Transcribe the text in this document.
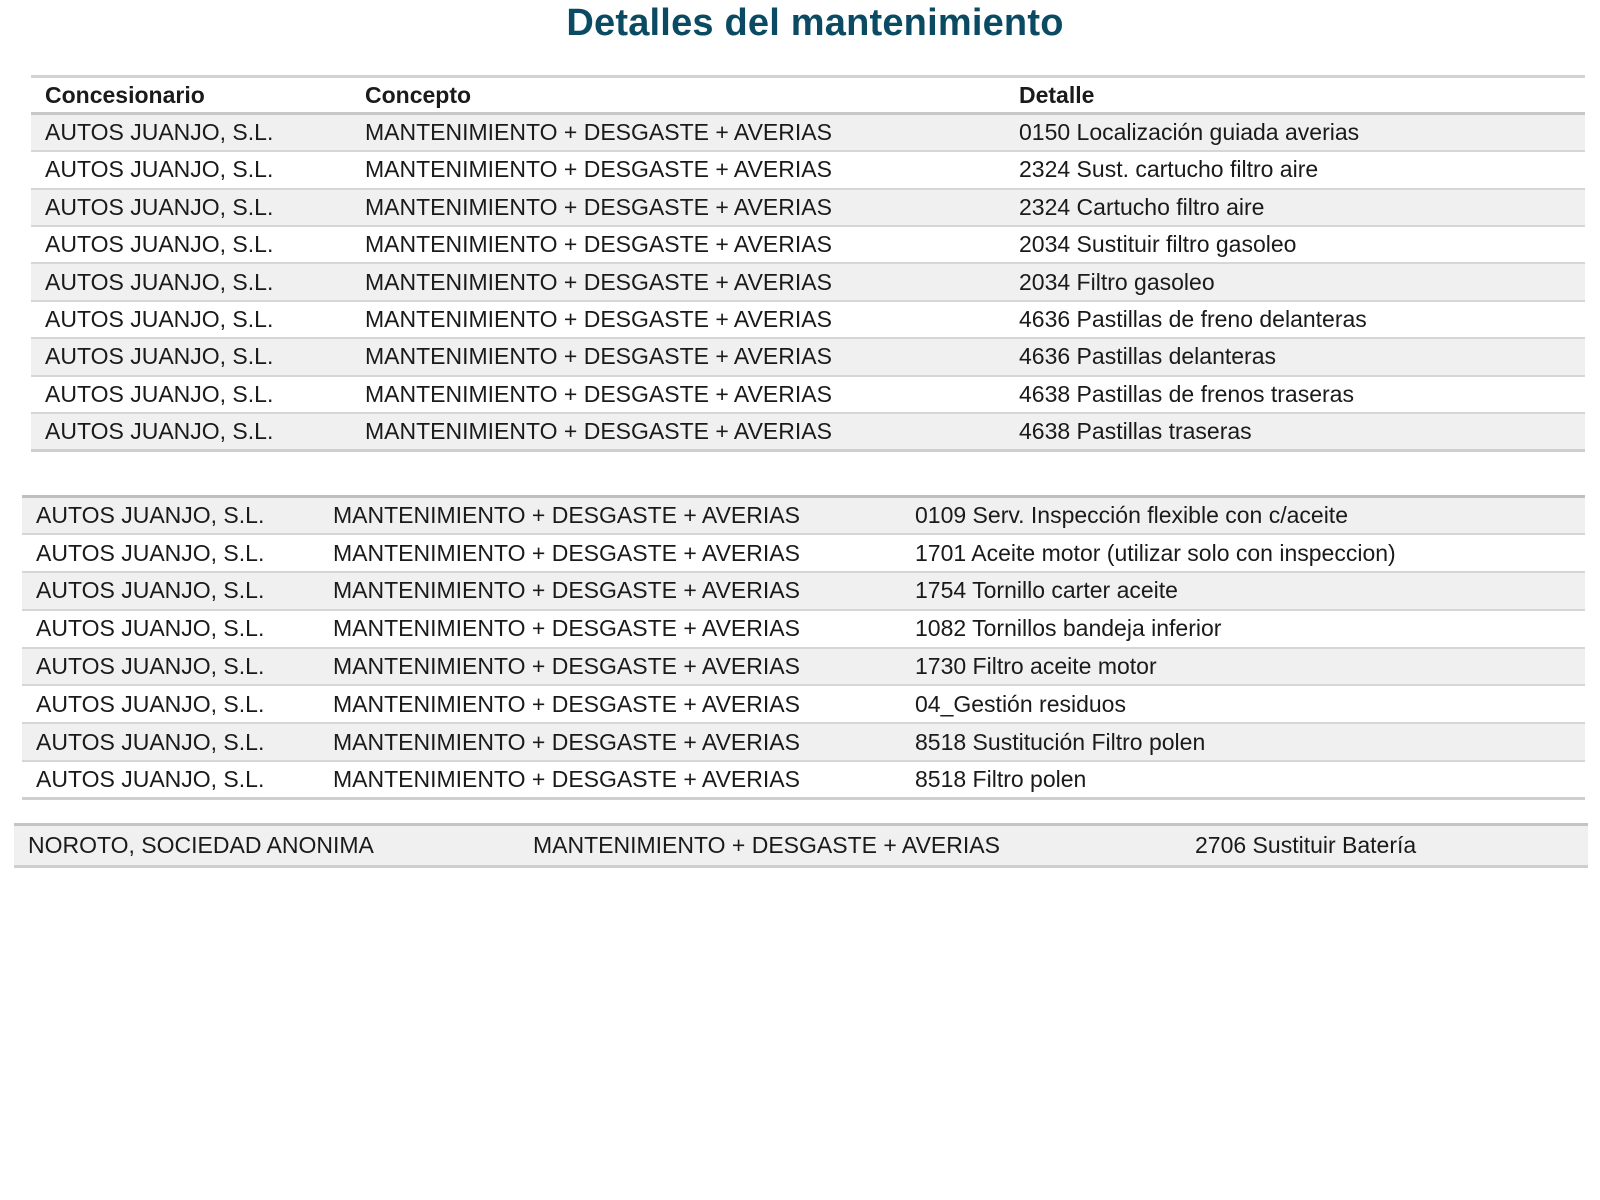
Detalles del mantenimiento
Concesionario	Concepto	Detalle
AUTOS JUANJO, S.L.	MANTENIMIENTO + DESGASTE + AVERIAS	0150 Localización guiada averias
AUTOS JUANJO, S.L.	MANTENIMIENTO + DESGASTE + AVERIAS	2324 Sust. cartucho filtro aire
AUTOS JUANJO, S.L.	MANTENIMIENTO + DESGASTE + AVERIAS	2324 Cartucho filtro aire
AUTOS JUANJO, S.L.	MANTENIMIENTO + DESGASTE + AVERIAS	2034 Sustituir filtro gasoleo
AUTOS JUANJO, S.L.	MANTENIMIENTO + DESGASTE + AVERIAS	2034 Filtro gasoleo
AUTOS JUANJO, S.L.	MANTENIMIENTO + DESGASTE + AVERIAS	4636 Pastillas de freno delanteras
AUTOS JUANJO, S.L.	MANTENIMIENTO + DESGASTE + AVERIAS	4636 Pastillas delanteras
AUTOS JUANJO, S.L.	MANTENIMIENTO + DESGASTE + AVERIAS	4638 Pastillas de frenos traseras
AUTOS JUANJO, S.L.	MANTENIMIENTO + DESGASTE + AVERIAS	4638 Pastillas traseras
AUTOS JUANJO, S.L.	MANTENIMIENTO + DESGASTE + AVERIAS	0109 Serv. Inspección flexible con c/aceite
AUTOS JUANJO, S.L.	MANTENIMIENTO + DESGASTE + AVERIAS	1701 Aceite motor (utilizar solo con inspeccion)
AUTOS JUANJO, S.L.	MANTENIMIENTO + DESGASTE + AVERIAS	1754 Tornillo carter aceite
AUTOS JUANJO, S.L.	MANTENIMIENTO + DESGASTE + AVERIAS	1082 Tornillos bandeja inferior
AUTOS JUANJO, S.L.	MANTENIMIENTO + DESGASTE + AVERIAS	1730 Filtro aceite motor
AUTOS JUANJO, S.L.	MANTENIMIENTO + DESGASTE + AVERIAS	04_Gestión residuos
AUTOS JUANJO, S.L.	MANTENIMIENTO + DESGASTE + AVERIAS	8518 Sustitución Filtro polen
AUTOS JUANJO, S.L.	MANTENIMIENTO + DESGASTE + AVERIAS	8518 Filtro polen
NOROTO, SOCIEDAD ANONIMA	MANTENIMIENTO + DESGASTE + AVERIAS	2706 Sustituir Batería
